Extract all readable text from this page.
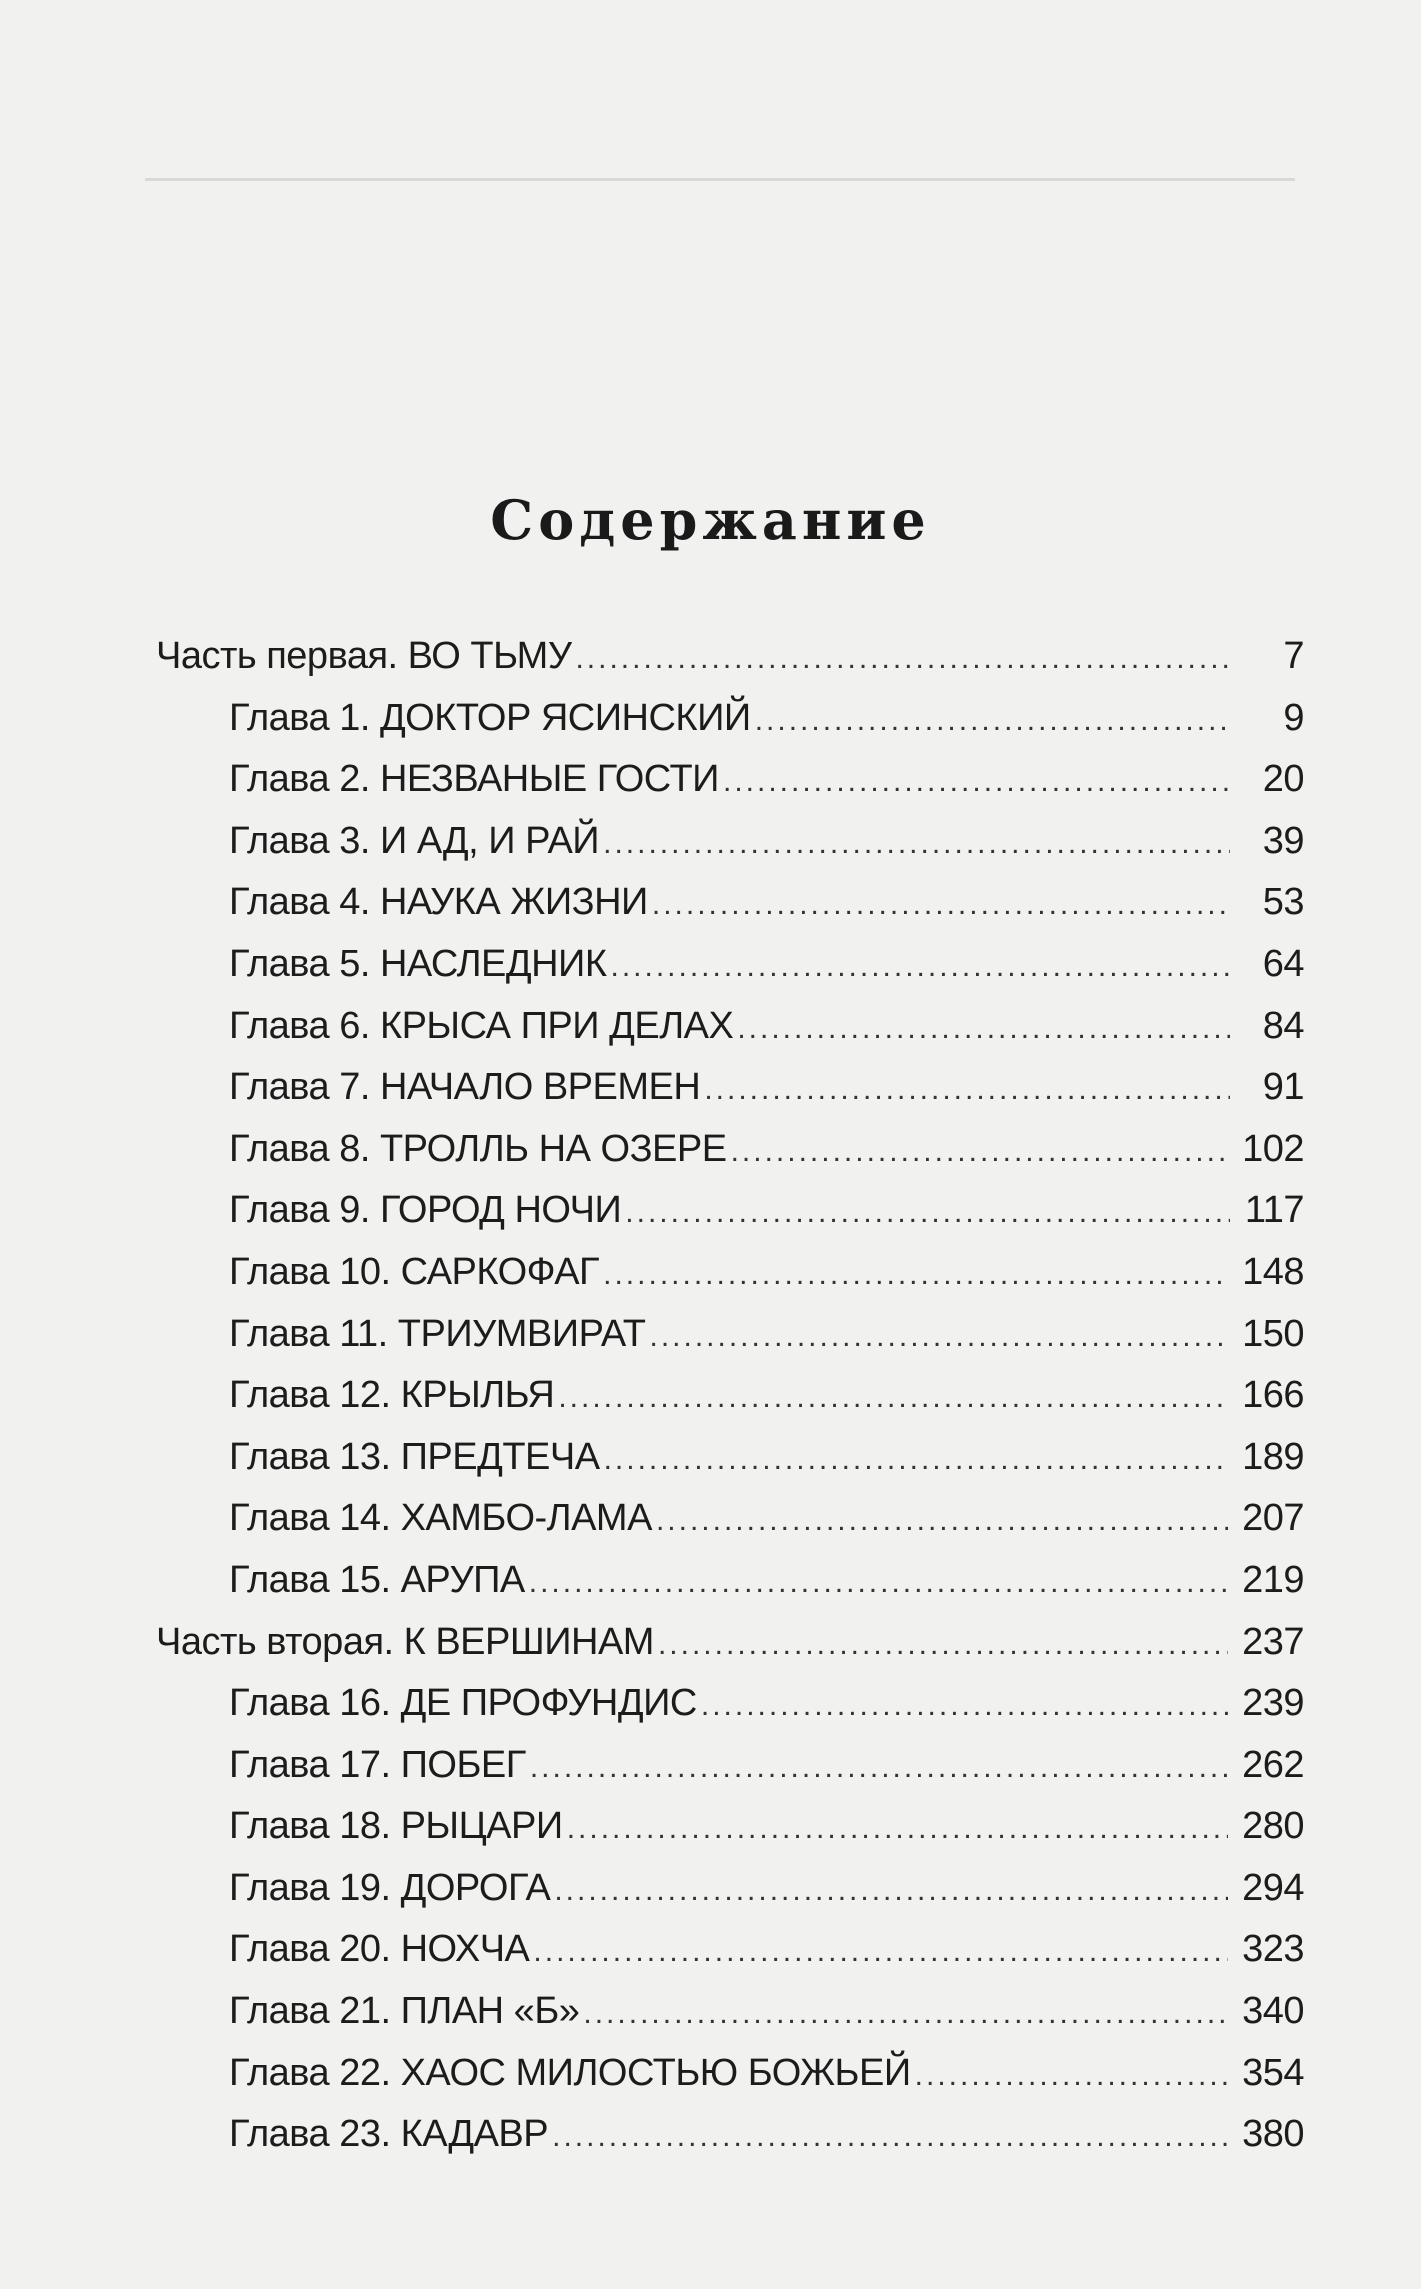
Содержание
Часть первая. ВО ТЬМУ .....	7
Глава 1. ДОКТОР ЯСИНСКИЙ .....	9
Глава 2. НЕЗВАНЫЕ ГОСТИ .....	20
Глава 3. И АД, И РАЙ .....	39
Глава 4. НАУКА ЖИЗНИ .....	53
Глава 5. НАСЛЕДНИК .....	64
Глава 6. КРЫСА ПРИ ДЕЛАХ .....	84
Глава 7. НАЧАЛО ВРЕМЕН .....	91
Глава 8. ТРОЛЛЬ НА ОЗЕРЕ .....	102
Глава 9. ГОРОД НОЧИ .....	117
Глава 10. САРКОФАГ .....	148
Глава 11. ТРИУМВИРАТ .....	150
Глава 12. КРЫЛЬЯ .....	166
Глава 13. ПРЕДТЕЧА .....	189
Глава 14. ХАМБО-ЛАМА .....	207
Глава 15. АРУПА .....	219
Часть вторая. К ВЕРШИНАМ .....	237
Глава 16. ДЕ ПРОФУНДИС .....	239
Глава 17. ПОБЕГ .....	262
Глава 18. РЫЦАРИ .....	280
Глава 19. ДОРОГА .....	294
Глава 20. НОХЧА .....	323
Глава 21. ПЛАН «Б» .....	340
Глава 22. ХАОС МИЛОСТЬЮ БОЖЬЕЙ .....	354
Глава 23. КАДАВР .....	380
